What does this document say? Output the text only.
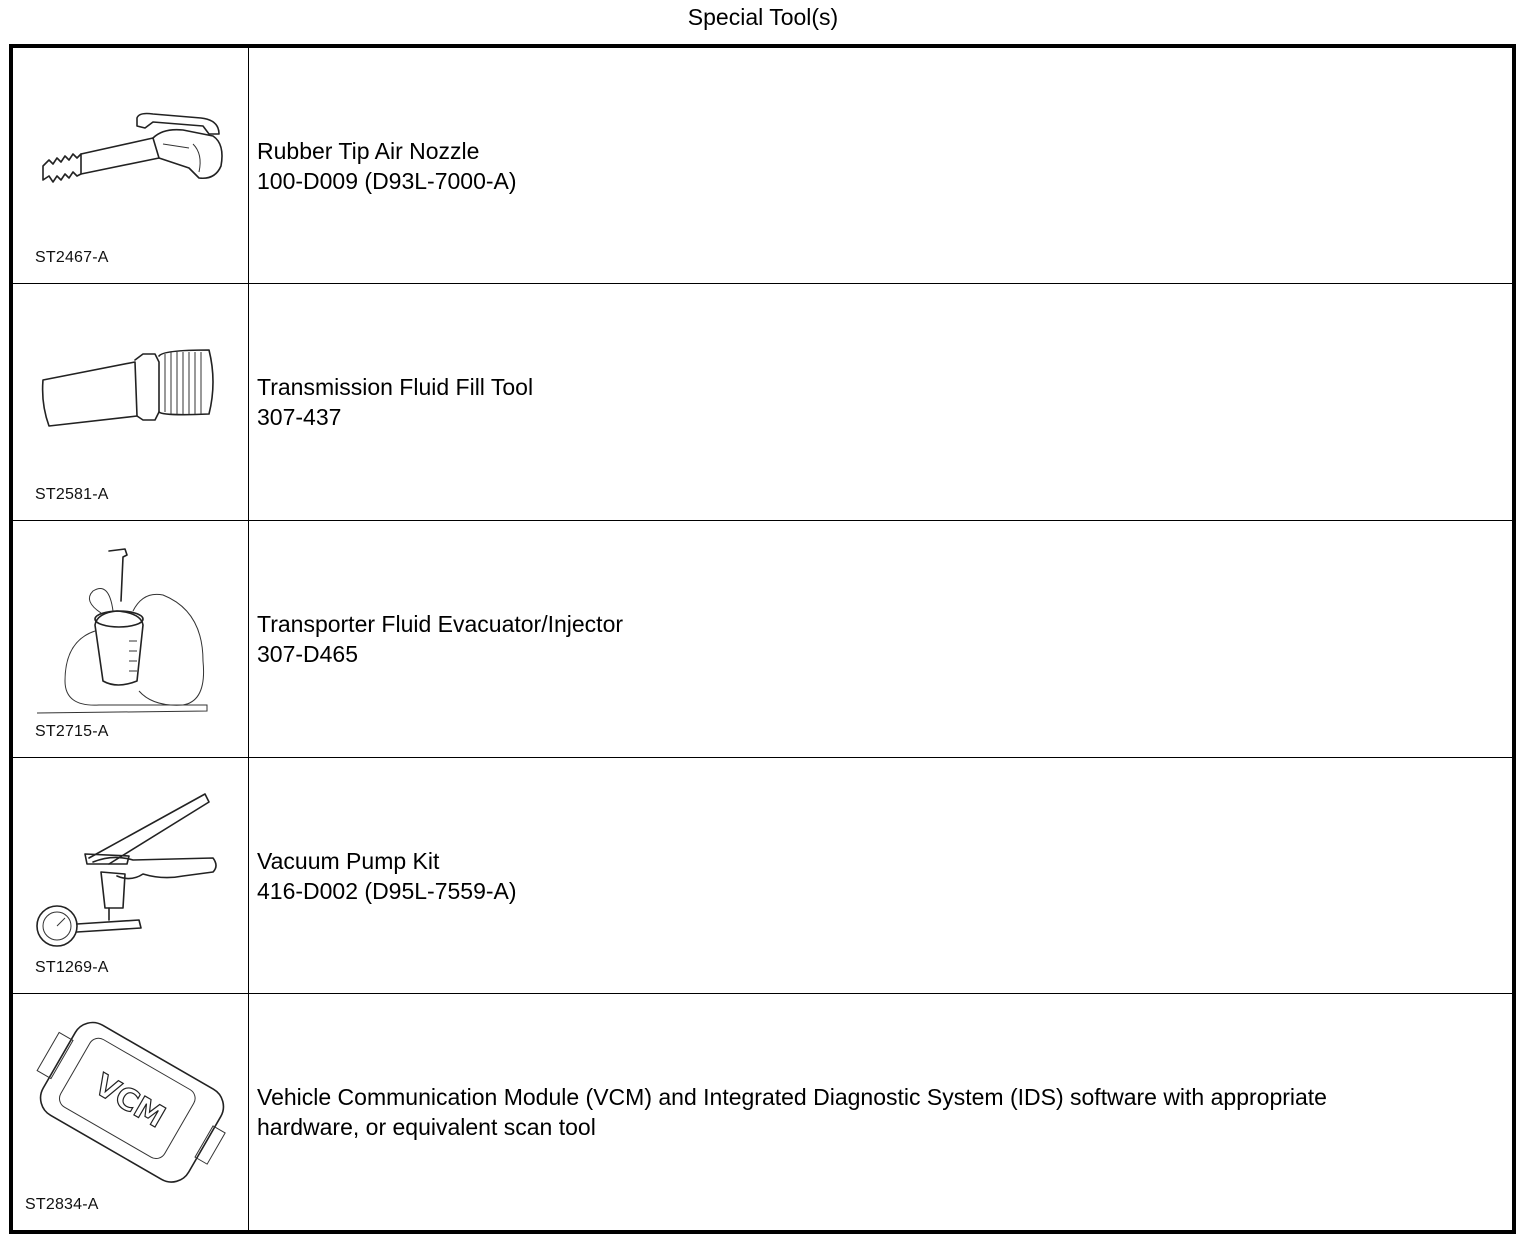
Special Tool(s)
ST2467-A
Rubber Tip Air Nozzle
100-D009 (D93L-7000-A)
ST2581-A
Transmission Fluid Fill Tool
307-437
ST2715-A
Transporter Fluid Evacuator/Injector
307-D465
ST1269-A
Vacuum Pump Kit
416-D002 (D95L-7559-A)
VCM
ST2834-A
Vehicle Communication Module (VCM) and Integrated Diagnostic System (IDS) software with appropriate
hardware, or equivalent scan tool
